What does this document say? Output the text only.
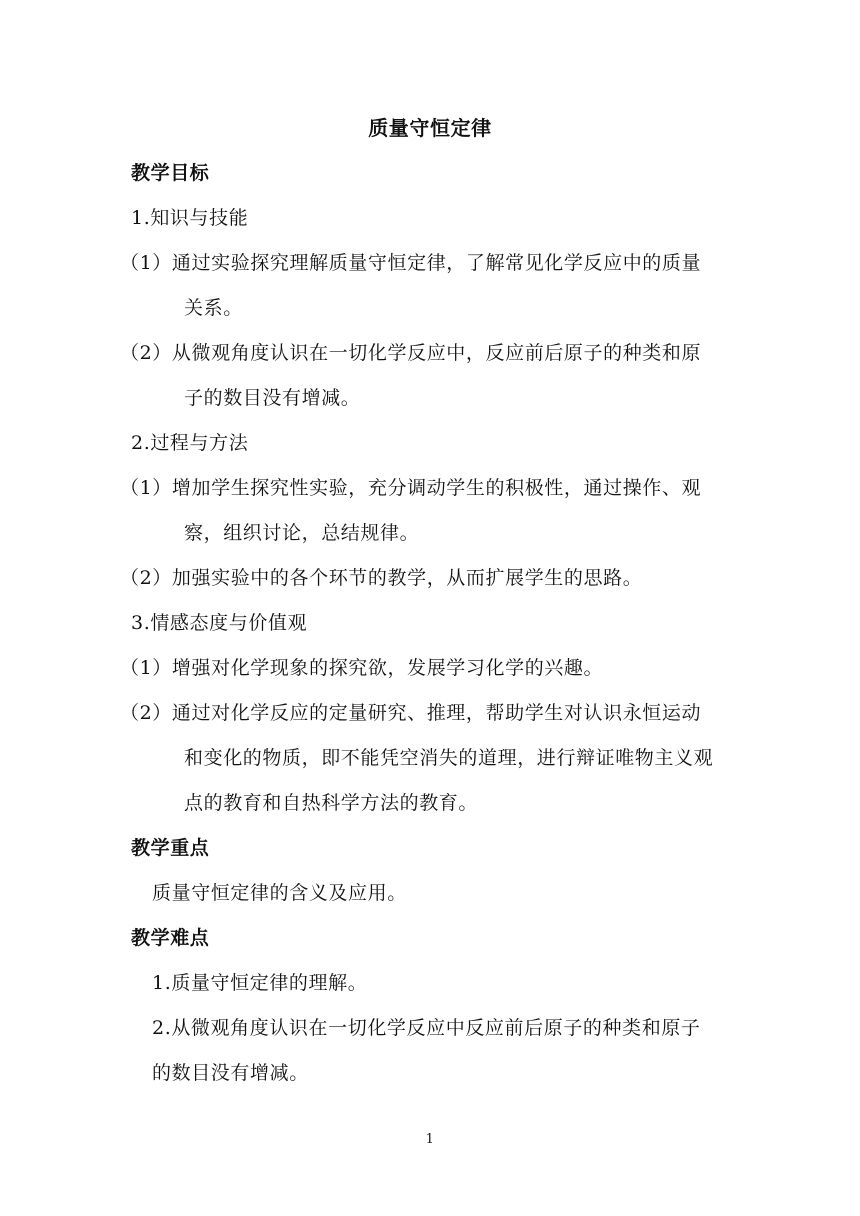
质量守恒定律
教学目标
1.知识与技能
（1）通过实验探究理解质量守恒定律，了解常见化学反应中的质量
关系。
（2）从微观角度认识在一切化学反应中，反应前后原子的种类和原
子的数目没有增减。
2.过程与方法
（1）增加学生探究性实验，充分调动学生的积极性，通过操作、观
察，组织讨论，总结规律。
（2）加强实验中的各个环节的教学，从而扩展学生的思路。
3.情感态度与价值观
（1）增强对化学现象的探究欲，发展学习化学的兴趣。
（2）通过对化学反应的定量研究、推理，帮助学生对认识永恒运动
和变化的物质，即不能凭空消失的道理，进行辩证唯物主义观
点的教育和自热科学方法的教育。
教学重点
质量守恒定律的含义及应用。
教学难点
1.质量守恒定律的理解。
2.从微观角度认识在一切化学反应中反应前后原子的种类和原子
的数目没有增减。
1
